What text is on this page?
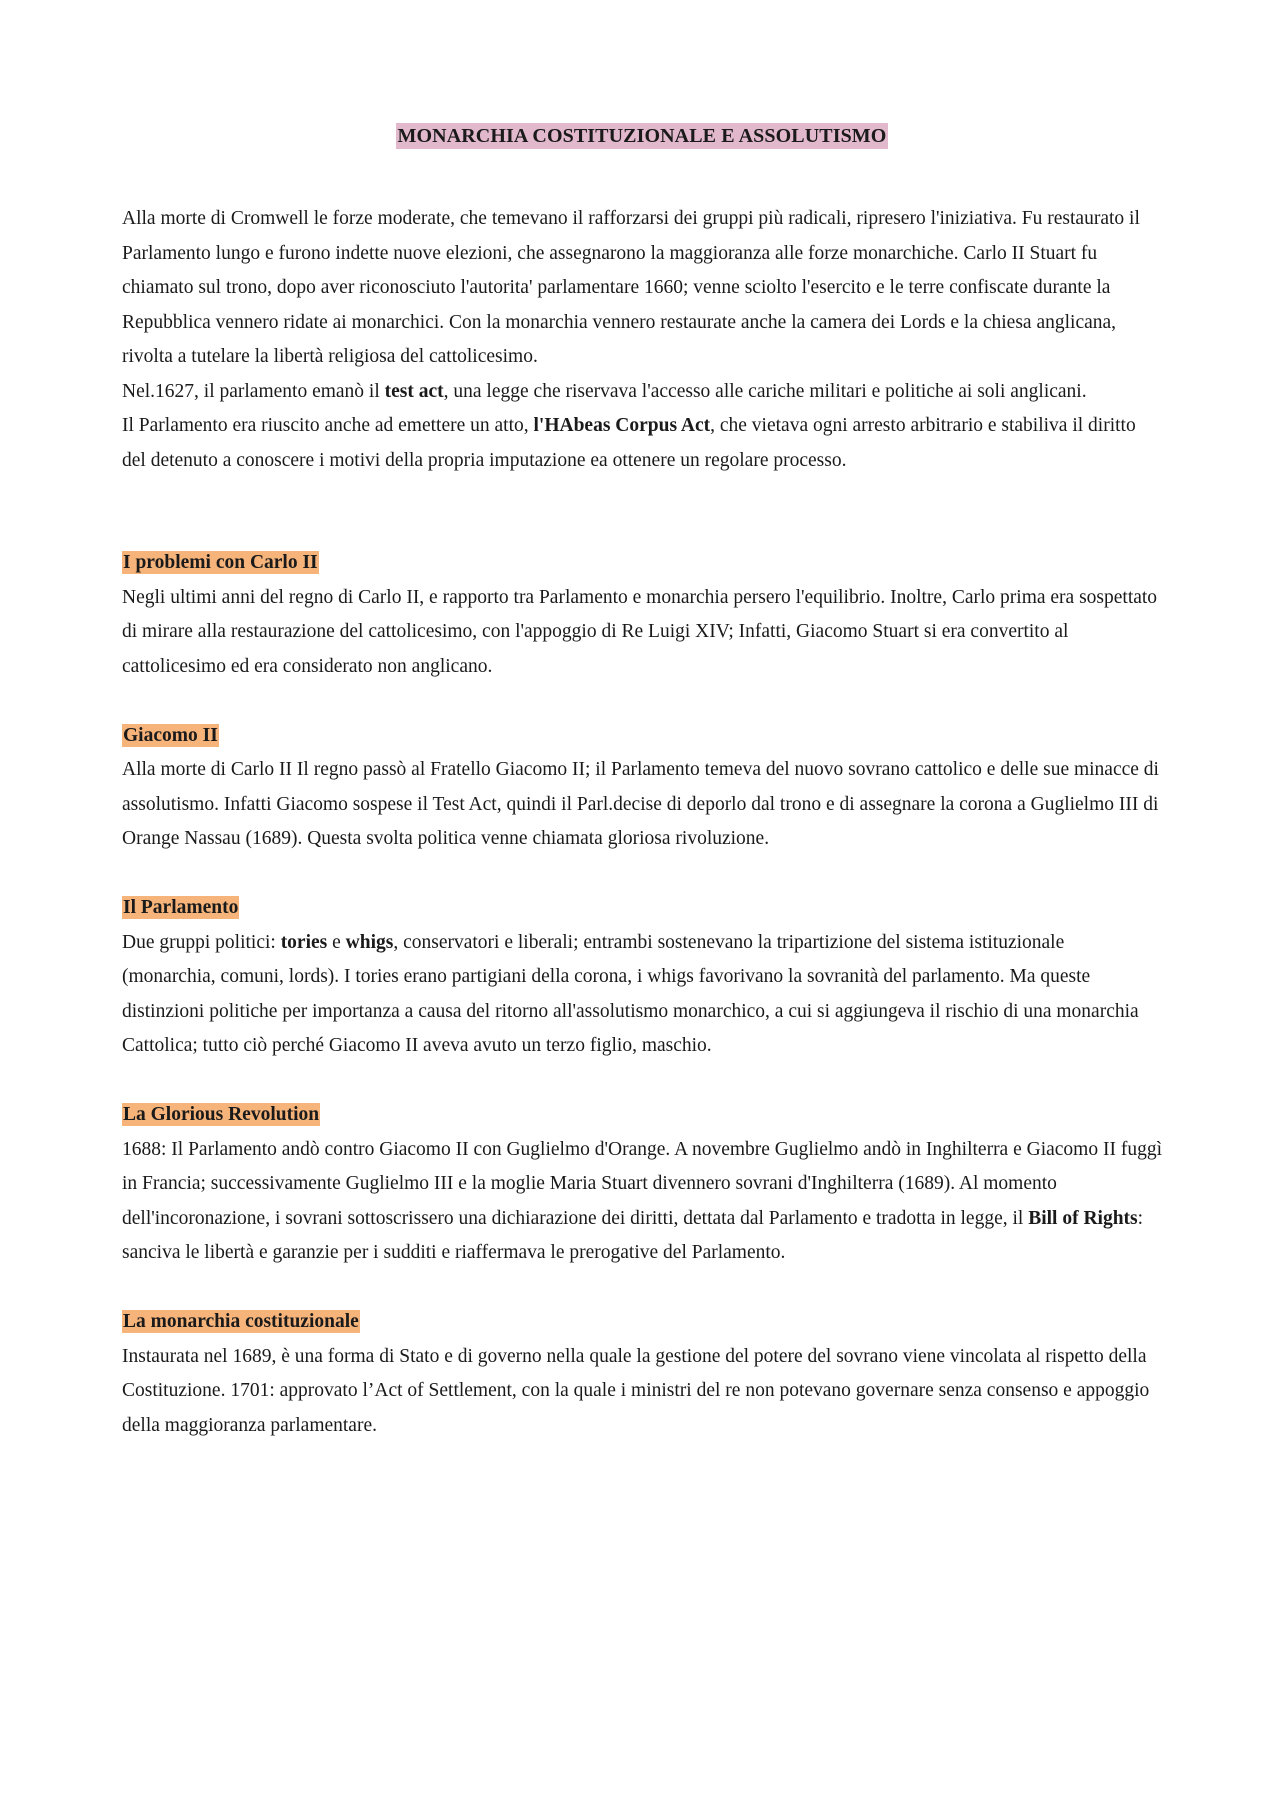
MONARCHIA COSTITUZIONALE E ASSOLUTISMO

Alla morte di Cromwell le forze moderate, che temevano il rafforzarsi dei gruppi più radicali, ripresero l'iniziativa. Fu restaurato il Parlamento lungo e furono indette nuove elezioni, che assegnarono la maggioranza alle forze monarchiche. Carlo II Stuart fu chiamato sul trono, dopo aver riconosciuto l'autorita' parlamentare 1660; venne sciolto l'esercito e le terre confiscate durante la Repubblica vennero ridate ai monarchici. Con la monarchia vennero restaurate anche la camera dei Lords e la chiesa anglicana, rivolta a tutelare la libertà religiosa del cattolicesimo.

Nel.1627, il parlamento emanò il test act, una legge che riservava l'accesso alle cariche militari e politiche ai soli anglicani.

Il Parlamento era riuscito anche ad emettere un atto, l'HAbeas Corpus Act, che vietava ogni arresto arbitrario e stabiliva il diritto del detenuto a conoscere i motivi della propria imputazione ea ottenere un regolare processo.

I problemi con Carlo II

Negli ultimi anni del regno di Carlo II, e rapporto tra Parlamento e monarchia persero l'equilibrio. Inoltre, Carlo prima era sospettato di mirare alla restaurazione del cattolicesimo, con l'appoggio di Re Luigi XIV; Infatti, Giacomo Stuart si era convertito al cattolicesimo ed era considerato non anglicano.

Giacomo II

Alla morte di Carlo II Il regno passò al Fratello Giacomo II; il Parlamento temeva del nuovo sovrano cattolico e delle sue minacce di assolutismo. Infatti Giacomo sospese il Test Act, quindi il Parl.decise di deporlo dal trono e di assegnare la corona a Guglielmo III di Orange Nassau (1689). Questa svolta politica venne chiamata gloriosa rivoluzione.

Il Parlamento

Due gruppi politici: tories e whigs, conservatori e liberali; entrambi sostenevano la tripartizione del sistema istituzionale (monarchia, comuni, lords). I tories erano partigiani della corona, i whigs favorivano la sovranità del parlamento. Ma queste distinzioni politiche per importanza a causa del ritorno all'assolutismo monarchico, a cui si aggiungeva il rischio di una monarchia Cattolica; tutto ciò perché Giacomo II aveva avuto un terzo figlio, maschio.

La Glorious Revolution

1688: Il Parlamento andò contro Giacomo II con Guglielmo d'Orange. A novembre Guglielmo andò in Inghilterra e Giacomo II fuggì in Francia; successivamente Guglielmo III e la moglie Maria Stuart divennero sovrani d'Inghilterra (1689). Al momento dell'incoronazione, i sovrani sottoscrissero una dichiarazione dei diritti, dettata dal Parlamento e tradotta in legge, il Bill of Rights: sanciva le libertà e garanzie per i sudditi e riaffermava le prerogative del Parlamento.

La monarchia costituzionale

Instaurata nel 1689, è una forma di Stato e di governo nella quale la gestione del potere del sovrano viene vincolata al rispetto della Costituzione. 1701: approvato l’Act of Settlement, con la quale i ministri del re non potevano governare senza consenso e appoggio della maggioranza parlamentare.
